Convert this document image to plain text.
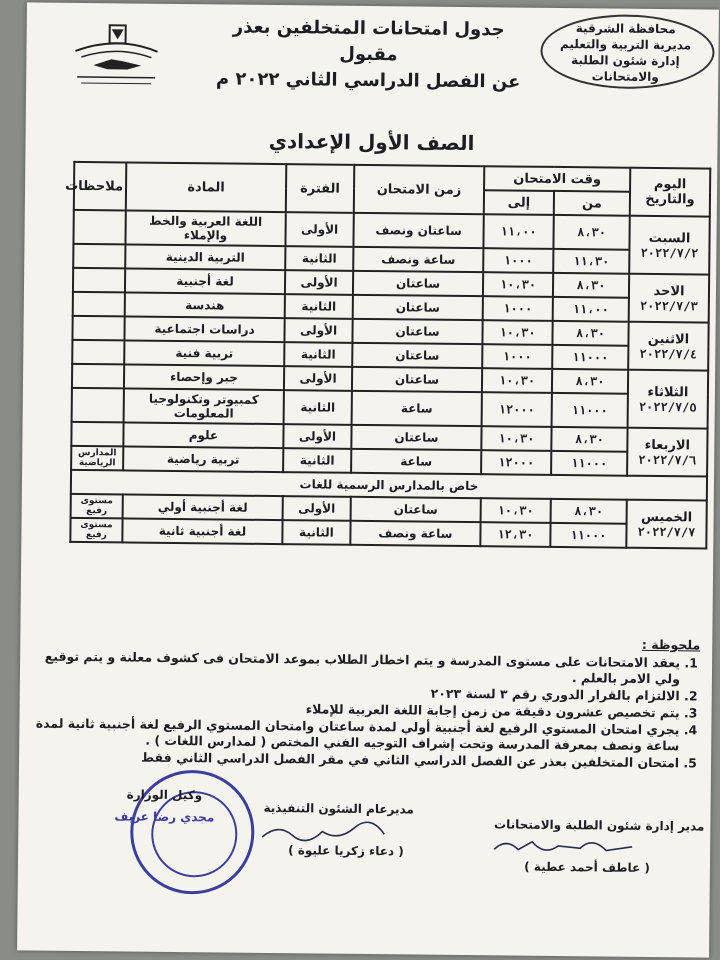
محافظة الشرقية
مديرية التربية والتعليم
إدارة شئون الطلبة والامتحانات
جدول امتحانات المتخلفين بعذر مقبول
عن الفصل الدراسي الثاني ٢٠٢٢ م
الصف الأول الإعدادي
اليوم والتاريخ	وقت الامتحان		زمن الامتحان	الفترة	المادة	ملاحظات
	من	إلى				

السبت
٢٠٢٢/٧/٢	٨،٣٠	١١،٠٠	ساعتان ونصف	الأولى	اللغة العربية والخط والإملاء	
	١١،٣٠	١٠٠٠	ساعة ونصف	الثانية	التربية الدينية	

الاحد
٢٠٢٢/٧/٣	٨،٣٠	١٠،٣٠	ساعتان	الأولى	لغة أجنبية	
	١١،٠٠	١٠٠٠	ساعتان	الثانية	هندسة	

الاثنين
٢٠٢٢/٧/٤	٨،٣٠	١٠،٣٠	ساعتان	الأولى	دراسات اجتماعية	
	١١٠٠٠	١٠٠٠	ساعتان	الثانية	تربية فنية	

الثلاثاء
٢٠٢٢/٧/٥	٨،٣٠	١٠،٣٠	ساعتان	الأولى	جبر وإحصاء	
	١١٠٠٠	١٢٠٠٠	ساعة	الثانية	كمبيوتر وتكنولوجيا المعلومات	

الاربعاء
٢٠٢٢/٧/٦	٨،٣٠	١٠،٣٠	ساعتان	الأولى	علوم	
	١١٠٠٠	١٢٠٠٠	ساعة	الثانية	تربية رياضية	المدارس الرياضية
خاص بالمدارس الرسمية للغات						

الخميس
٢٠٢٢/٧/٧	٨،٣٠	١٠،٣٠	ساعتان	الأولى	لغة أجنبية أولي	مستوى رفيع
	١١٠٠٠	١٢،٣٠	ساعة ونصف	الثانية	لغة أجنبية ثانية	مستوى رفيع
ملحوظة :
1. يعقد الامتحانات على مستوى المدرسة و يتم اخطار الطلاب بموعد الامتحان فى كشوف معلنة و يتم توقيع ولي الامر بالعلم .
2. الالتزام بالقرار الدوري رقم ٣ لسنة ٢٠٢٣
3. يتم تخصيص عشرون دقيقة من زمن إجابة اللغة العربية للإملاء
4. يجري امتحان المستوي الرفيع لغة أجنبية أولي لمدة ساعتان وامتحان المستوي الرفيع لغة أجنبية ثانية لمدة ساعة ونصف بمعرفة المدرسة وتحت إشراف التوجيه الفني المختص ( لمدارس اللغات ) .
5. امتحان المتخلفين بعذر عن الفصل الدراسي الثاني في مقر الفصل الدراسي الثاني فقط
وكيل الوزارة
مجدي رضا عريف
مديرعام الشئون التنفيذية
( دعاء زكريا عليوة )
مدير إدارة شئون الطلبة والامتحانات
( عاطف أحمد عطية )
